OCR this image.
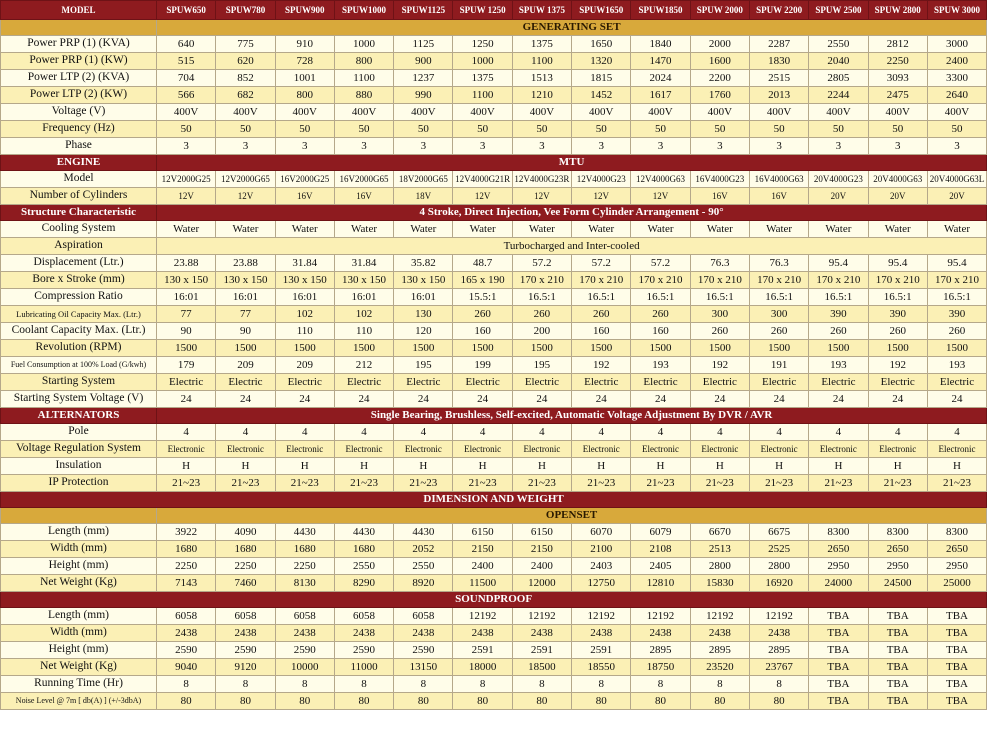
MODEL	SPUW650	SPUW780	SPUW900	SPUW1000	SPUW1125	SPUW 1250	SPUW 1375	SPUW1650	SPUW1850	SPUW 2000	SPUW 2200	SPUW 2500	SPUW 2800	SPUW 3000
	GENERATING SET													
Power PRP (1) (KVA)	640	775	910	1000	1125	1250	1375	1650	1840	2000	2287	2550	2812	3000
Power PRP (1) (KW)	515	620	728	800	900	1000	1100	1320	1470	1600	1830	2040	2250	2400
Power LTP (2) (KVA)	704	852	1001	1100	1237	1375	1513	1815	2024	2200	2515	2805	3093	3300
Power LTP (2) (KW)	566	682	800	880	990	1100	1210	1452	1617	1760	2013	2244	2475	2640
Voltage (V)	400V	400V	400V	400V	400V	400V	400V	400V	400V	400V	400V	400V	400V	400V
Frequency (Hz)	50	50	50	50	50	50	50	50	50	50	50	50	50	50
Phase	3	3	3	3	3	3	3	3	3	3	3	3	3	3
ENGINE	MTU													
Model	12V2000G25	12V2000G65	16V2000G25	16V2000G65	18V2000G65	12V4000G21R	12V4000G23R	12V4000G23	12V4000G63	16V4000G23	16V4000G63	20V4000G23	20V4000G63	20V4000G63L
Number of Cylinders	12V	12V	16V	16V	18V	12V	12V	12V	12V	16V	16V	20V	20V	20V
Structure Characteristic	4 Stroke, Direct Injection, Vee Form Cylinder Arrangement - 90°													
Cooling System	Water	Water	Water	Water	Water	Water	Water	Water	Water	Water	Water	Water	Water	Water
Aspiration	Turbocharged and Inter-cooled													
Displacement (Ltr.)	23.88	23.88	31.84	31.84	35.82	48.7	57.2	57.2	57.2	76.3	76.3	95.4	95.4	95.4
Bore x Stroke (mm)	130 x 150	130 x 150	130 x 150	130 x 150	130 x 150	165 x 190	170 x 210	170 x 210	170 x 210	170 x 210	170 x 210	170 x 210	170 x 210	170 x 210
Compression Ratio	16:01	16:01	16:01	16:01	16:01	15.5:1	16.5:1	16.5:1	16.5:1	16.5:1	16.5:1	16.5:1	16.5:1	16.5:1
Lubricating Oil Capacity Max. (Ltr.)	77	77	102	102	130	260	260	260	260	300	300	390	390	390
Coolant Capacity Max. (Ltr.)	90	90	110	110	120	160	200	160	160	260	260	260	260	260
Revolution (RPM)	1500	1500	1500	1500	1500	1500	1500	1500	1500	1500	1500	1500	1500	1500
Fuel Consumption at 100% Load (G/kwh)	179	209	209	212	195	199	195	192	193	192	191	193	192	193
Starting System	Electric	Electric	Electric	Electric	Electric	Electric	Electric	Electric	Electric	Electric	Electric	Electric	Electric	Electric
Starting System Voltage (V)	24	24	24	24	24	24	24	24	24	24	24	24	24	24
ALTERNATORS	Single Bearing, Brushless, Self-excited, Automatic Voltage Adjustment By DVR / AVR													
Pole	4	4	4	4	4	4	4	4	4	4	4	4	4	4
Voltage Regulation System	Electronic	Electronic	Electronic	Electronic	Electronic	Electronic	Electronic	Electronic	Electronic	Electronic	Electronic	Electronic	Electronic	Electronic
Insulation	H	H	H	H	H	H	H	H	H	H	H	H	H	H
IP Protection	21~23	21~23	21~23	21~23	21~23	21~23	21~23	21~23	21~23	21~23	21~23	21~23	21~23	21~23
DIMENSION AND WEIGHT														
	OPENSET													
Length (mm)	3922	4090	4430	4430	4430	6150	6150	6070	6079	6670	6675	8300	8300	8300
Width (mm)	1680	1680	1680	1680	2052	2150	2150	2100	2108	2513	2525	2650	2650	2650
Height (mm)	2250	2250	2250	2550	2550	2400	2400	2403	2405	2800	2800	2950	2950	2950
Net Weight (Kg)	7143	7460	8130	8290	8920	11500	12000	12750	12810	15830	16920	24000	24500	25000
SOUNDPROOF														
Length (mm)	6058	6058	6058	6058	6058	12192	12192	12192	12192	12192	12192	TBA	TBA	TBA
Width (mm)	2438	2438	2438	2438	2438	2438	2438	2438	2438	2438	2438	TBA	TBA	TBA
Height (mm)	2590	2590	2590	2590	2590	2591	2591	2591	2895	2895	2895	TBA	TBA	TBA
Net Weight (Kg)	9040	9120	10000	11000	13150	18000	18500	18550	18750	23520	23767	TBA	TBA	TBA
Running Time (Hr)	8	8	8	8	8	8	8	8	8	8	8	TBA	TBA	TBA
Noise Level @ 7m [ db(A) ] (+/-3dbA)	80	80	80	80	80	80	80	80	80	80	80	TBA	TBA	TBA
